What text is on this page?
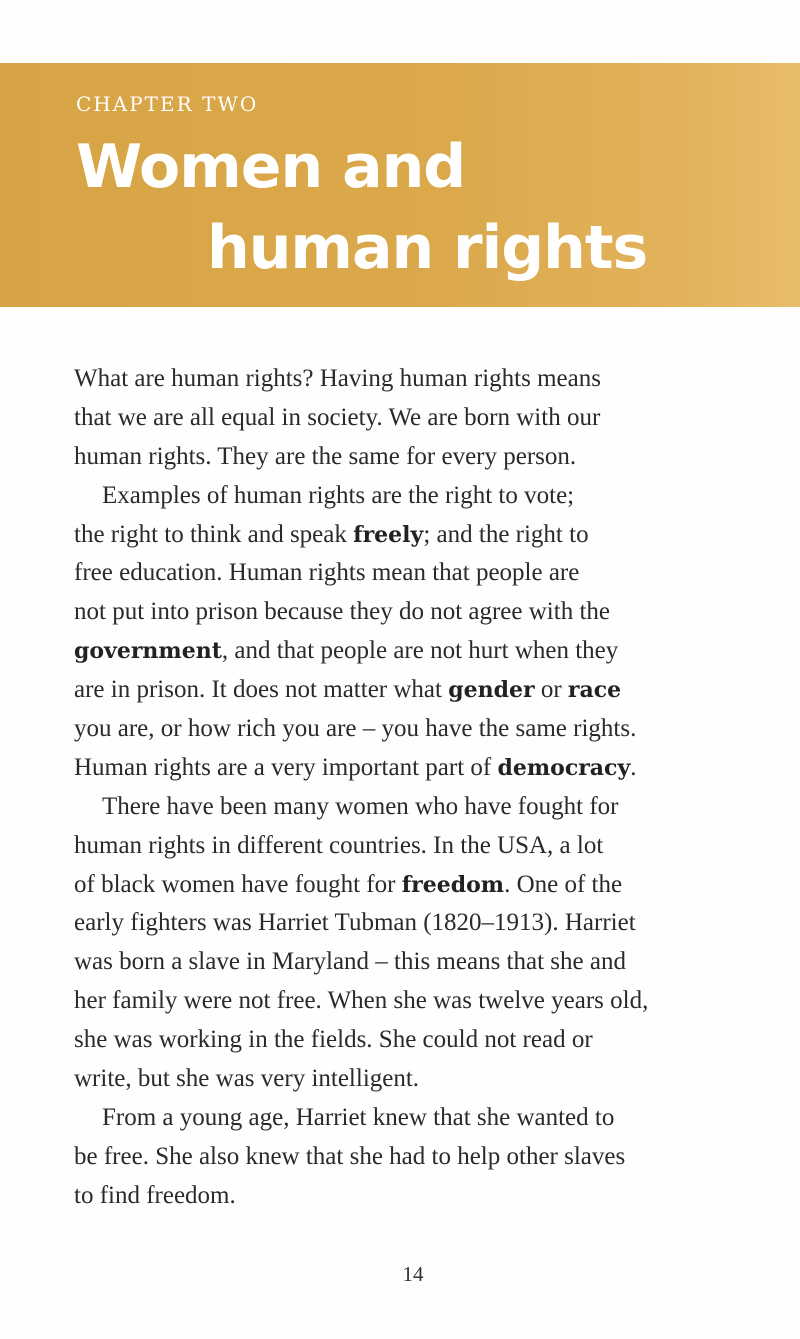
CHAPTER TWO

Women and
human rights
What are human rights? Having human rights means
that we are all equal in society. We are born with our
human rights. They are the same for every person.
Examples of human rights are the right to vote;
the right to think and speak freely; and the right to
free education. Human rights mean that people are
not put into prison because they do not agree with the
government, and that people are not hurt when they
are in prison. It does not matter what gender or race
you are, or how rich you are – you have the same rights.
Human rights are a very important part of democracy.
There have been many women who have fought for
human rights in different countries. In the USA, a lot
of black women have fought for freedom. One of the
early fighters was Harriet Tubman (1820–1913). Harriet
was born a slave in Maryland – this means that she and
her family were not free. When she was twelve years old,
she was working in the fields. She could not read or
write, but she was very intelligent.
From a young age, Harriet knew that she wanted to
be free. She also knew that she had to help other slaves
to find freedom.
14
